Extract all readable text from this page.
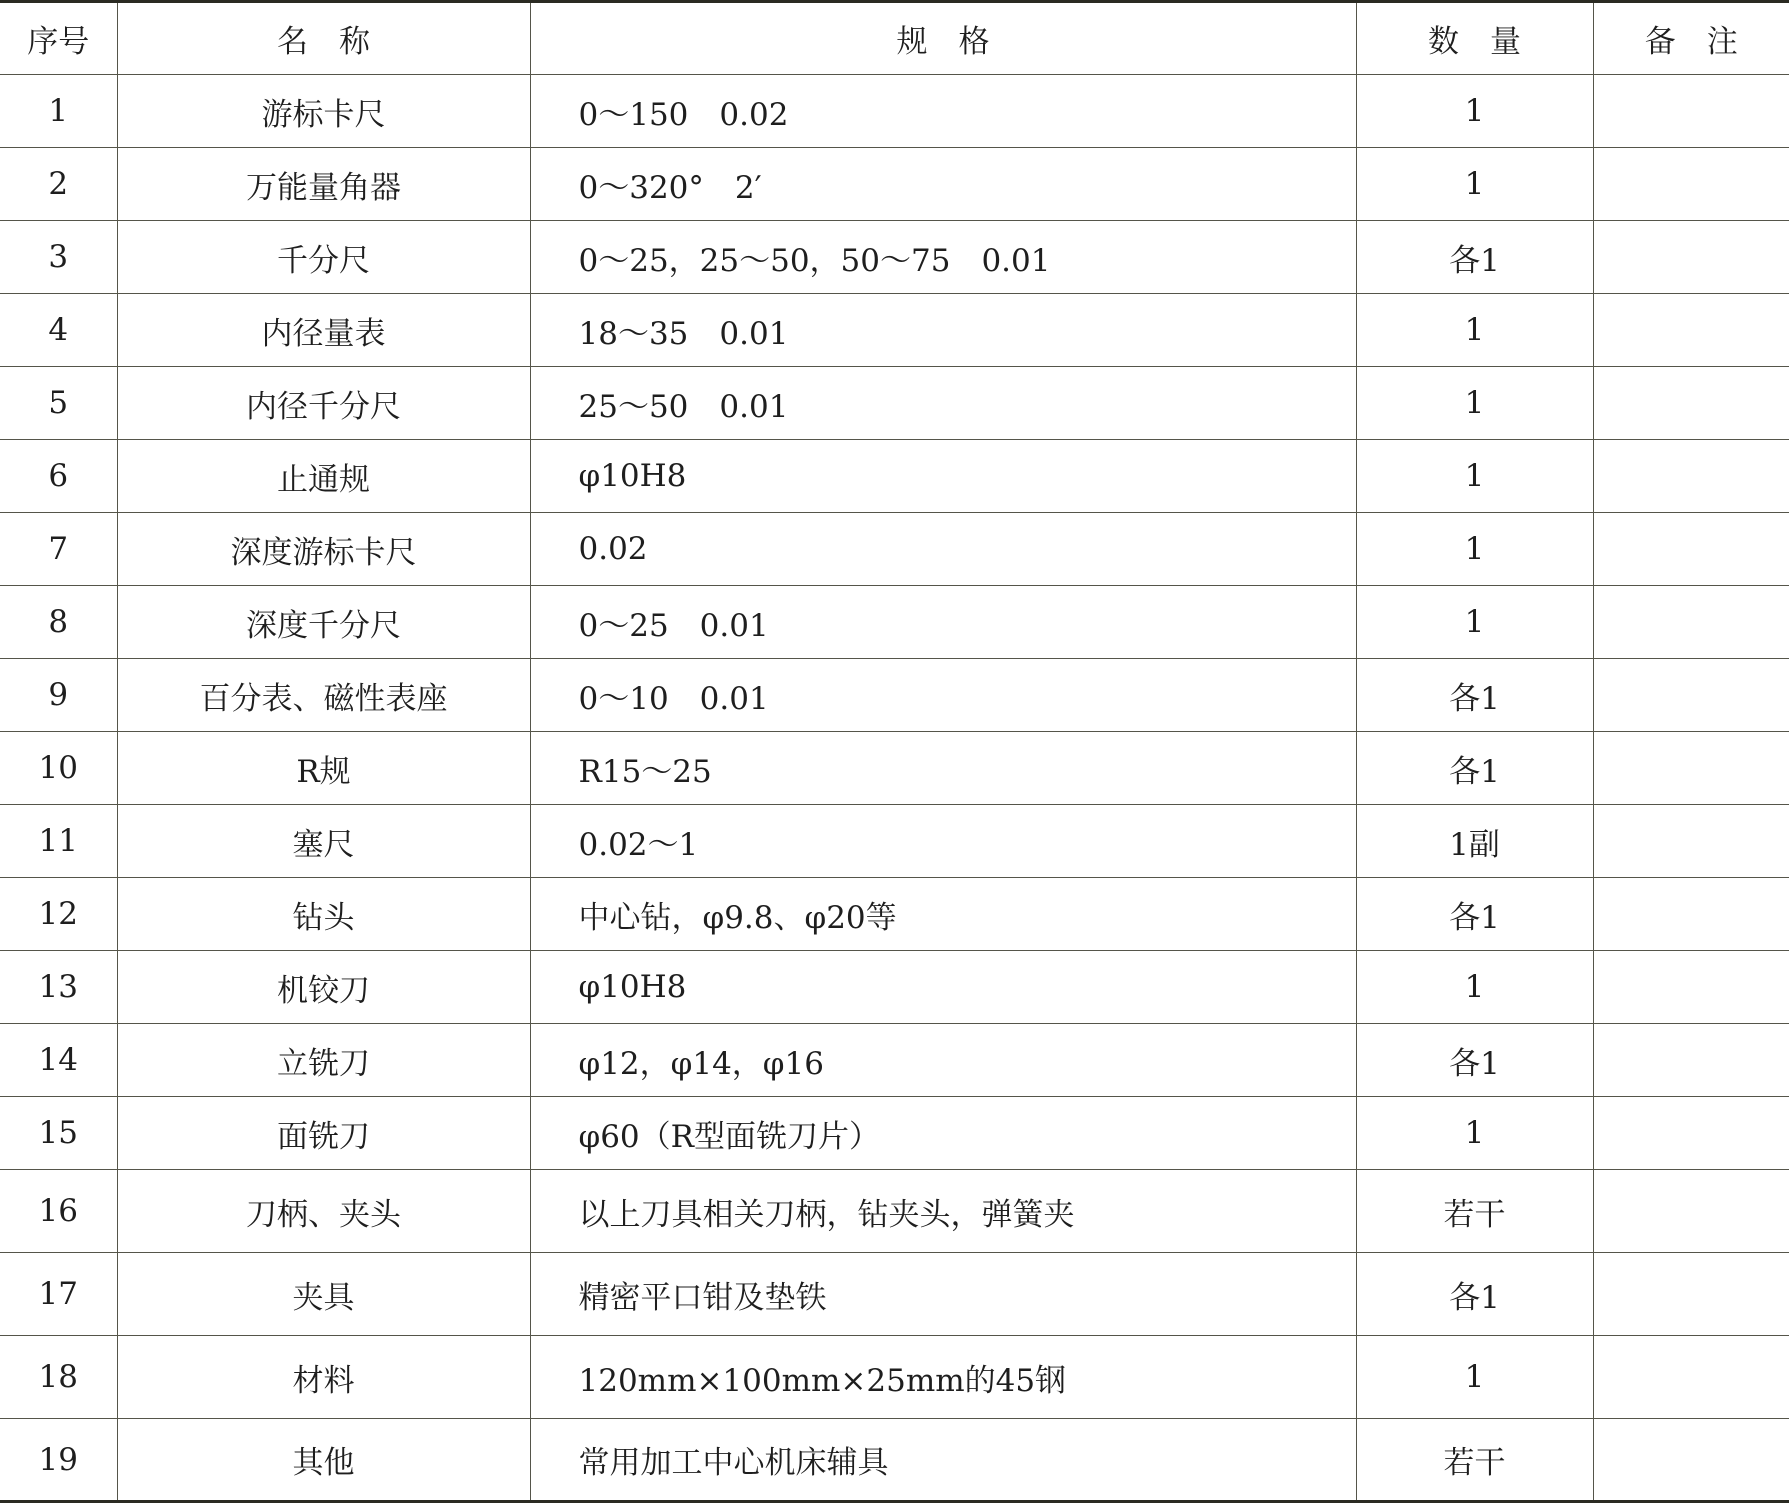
序号	名　称	规　格	数　量	备　注
1	游标卡尺	0～150　0.02	1	
2	万能量角器	0～320°　2′	1	
3	千分尺	0～25，25～50，50～75　0.01	各1	
4	内径量表	18～35　0.01	1	
5	内径千分尺	25～50　0.01	1	
6	止通规	φ10H8	1	
7	深度游标卡尺	0.02	1	
8	深度千分尺	0～25　0.01	1	
9	百分表、磁性表座	0～10　0.01	各1	
10	R规	R15～25	各1	
11	塞尺	0.02～1	1副	
12	钻头	中心钻，φ9.8、φ20等	各1	
13	机铰刀	φ10H8	1	
14	立铣刀	φ12，φ14，φ16	各1	
15	面铣刀	φ60（R型面铣刀片）	1	
16	刀柄、夹头	以上刀具相关刀柄，钻夹头，弹簧夹	若干	
17	夹具	精密平口钳及垫铁	各1	
18	材料	120mm×100mm×25mm的45钢	1	
19	其他	常用加工中心机床辅具	若干	
